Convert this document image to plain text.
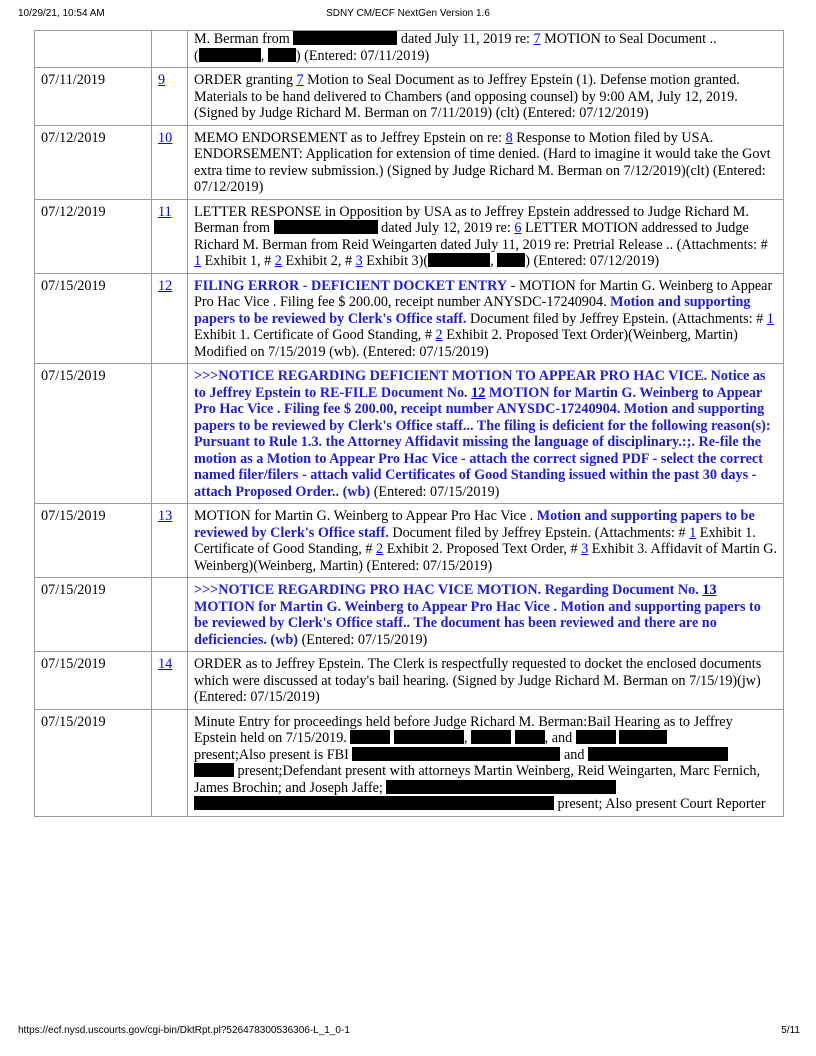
10/29/21, 10:54 AM	SDNY CM/ECF NextGen Version 1.6
		M. Berman from dated July 11, 2019 re: 7 MOTION to Seal Document ..
( , ) (Entered: 07/11/2019)
07/11/2019	9	ORDER granting 7 Motion to Seal Document as to Jeffrey Epstein (1). Defense motion granted. Materials to be hand delivered to Chambers (and opposing counsel) by 9:00 AM, July 12, 2019. (Signed by Judge Richard M. Berman on 7/11/2019) (clt) (Entered: 07/12/2019)
07/12/2019	10	MEMO ENDORSEMENT as to Jeffrey Epstein on re: 8 Response to Motion filed by USA. ENDORSEMENT: Application for extension of time denied. (Hard to imagine it would take the Govt extra time to review submission.) (Signed by Judge Richard M. Berman on 7/12/2019)(clt) (Entered: 07/12/2019)
07/12/2019	11	LETTER RESPONSE in Opposition by USA as to Jeffrey Epstein addressed to Judge Richard M. Berman from dated July 12, 2019 re: 6 LETTER MOTION addressed to Judge Richard M. Berman from Reid Weingarten dated July 11, 2019 re: Pretrial Release .. (Attachments: # 1 Exhibit 1, # 2 Exhibit 2, # 3 Exhibit 3)( , ) (Entered: 07/12/2019)
07/15/2019	12	FILING ERROR - DEFICIENT DOCKET ENTRY - MOTION for Martin G. Weinberg to Appear Pro Hac Vice . Filing fee $ 200.00, receipt number ANYSDC-17240904. Motion and supporting papers to be reviewed by Clerk's Office staff. Document filed by Jeffrey Epstein. (Attachments: # 1 Exhibit 1. Certificate of Good Standing, # 2 Exhibit 2. Proposed Text Order)(Weinberg, Martin) Modified on 7/15/2019 (wb). (Entered: 07/15/2019)
07/15/2019		>>>NOTICE REGARDING DEFICIENT MOTION TO APPEAR PRO HAC VICE. Notice as to Jeffrey Epstein to RE-FILE Document No. 12 MOTION for Martin G. Weinberg to Appear Pro Hac Vice . Filing fee $ 200.00, receipt number ANYSDC-17240904. Motion and supporting papers to be reviewed by Clerk's Office staff... The filing is deficient for the following reason(s): Pursuant to Rule 1.3. the Attorney Affidavit missing the language of disciplinary.:;. Re-file the motion as a Motion to Appear Pro Hac Vice - attach the correct signed PDF - select the correct named filer/filers - attach valid Certificates of Good Standing issued within the past 30 days - attach Proposed Order.. (wb) (Entered: 07/15/2019)
07/15/2019	13	MOTION for Martin G. Weinberg to Appear Pro Hac Vice . Motion and supporting papers to be reviewed by Clerk's Office staff. Document filed by Jeffrey Epstein. (Attachments: # 1 Exhibit 1. Certificate of Good Standing, # 2 Exhibit 2. Proposed Text Order, # 3 Exhibit 3. Affidavit of Martin G. Weinberg)(Weinberg, Martin) (Entered: 07/15/2019)
07/15/2019		>>>NOTICE REGARDING PRO HAC VICE MOTION. Regarding Document No. 13 MOTION for Martin G. Weinberg to Appear Pro Hac Vice . Motion and supporting papers to be reviewed by Clerk's Office staff.. The document has been reviewed and there are no deficiencies. (wb) (Entered: 07/15/2019)
07/15/2019	14	ORDER as to Jeffrey Epstein. The Clerk is respectfully requested to docket the enclosed documents which were discussed at today's bail hearing. (Signed by Judge Richard M. Berman on 7/15/19)(jw) (Entered: 07/15/2019)
07/15/2019		Minute Entry for proceedings held before Judge Richard M. Berman:Bail Hearing as to Jeffrey Epstein held on 7/15/2019. , , and
present;Also present is FBI and
present;Defendant present with attorneys Martin Weinberg, Reid Weingarten, Marc Fernich, James Brochin; and Joseph Jaffe;
present; Also present Court Reporter
https://ecf.nysd.uscourts.gov/cgi-bin/DktRpt.pl?526478300536306-L_1_0-1	5/11
